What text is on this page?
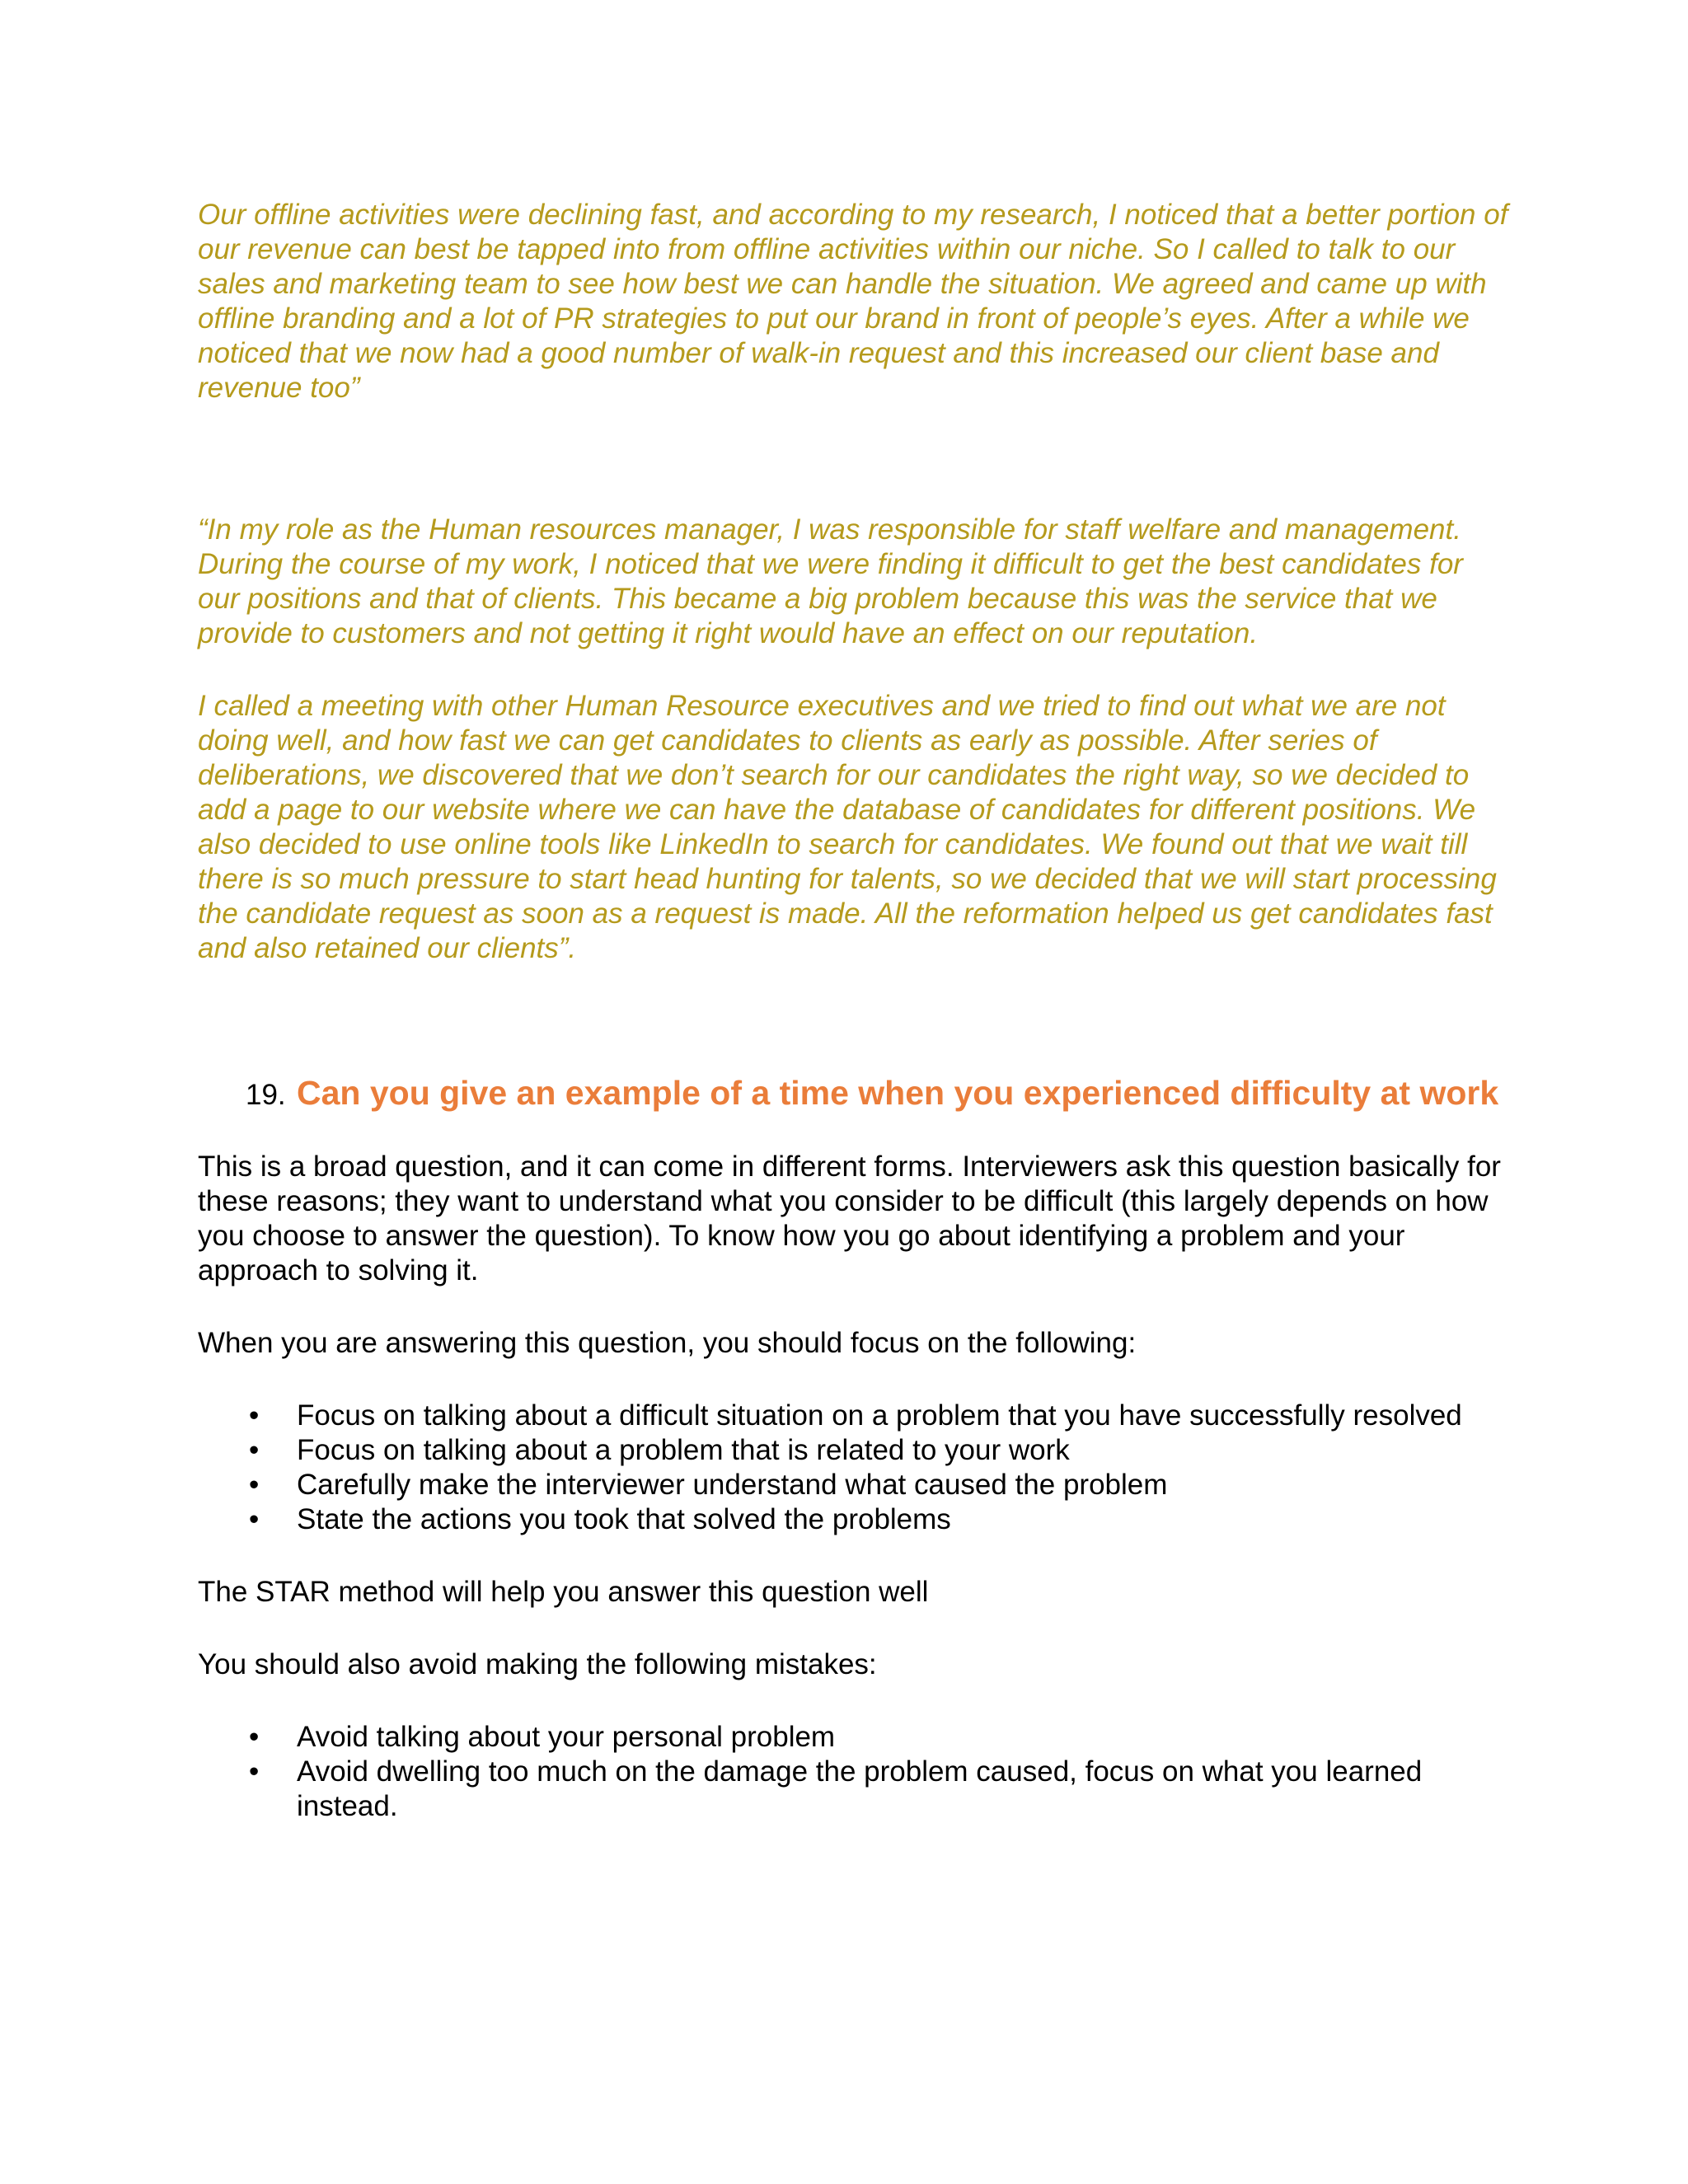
Our offline activities were declining fast, and according to my research, I noticed that a better portion of our revenue can best be tapped into from offline activities within our niche. So I called to talk to our sales and marketing team to see how best we can handle the situation. We agreed and came up with offline branding and a lot of PR strategies to put our brand in front of people’s eyes. After a while we noticed that we now had a good number of walk-in request and this increased our client base and revenue too”

“In my role as the Human resources manager, I was responsible for staff welfare and management. During the course of my work, I noticed that we were finding it difficult to get the best candidates for our positions and that of clients. This became a big problem because this was the service that we provide to customers and not getting it right would have an effect on our reputation.

I called a meeting with other Human Resource executives and we tried to find out what we are not doing well, and how fast we can get candidates to clients as early as possible. After series of deliberations, we discovered that we don’t search for our candidates the right way, so we decided to add a page to our website where we can have the database of candidates for different positions. We also decided to use online tools like LinkedIn to search for candidates. We found out that we wait till there is so much pressure to start head hunting for talents, so we decided that we will start processing the candidate request as soon as a request is made. All the reformation helped us get candidates fast and also retained our clients”.

19. Can you give an example of a time when you experienced difficulty at work

This is a broad question, and it can come in different forms. Interviewers ask this question basically for these reasons; they want to understand what you consider to be difficult (this largely depends on how you choose to answer the question). To know how you go about identifying a problem and your approach to solving it.

When you are answering this question, you should focus on the following:

• Focus on talking about a difficult situation on a problem that you have successfully resolved
• Focus on talking about a problem that is related to your work
• Carefully make the interviewer understand what caused the problem
• State the actions you took that solved the problems

The STAR method will help you answer this question well

You should also avoid making the following mistakes:

• Avoid talking about your personal problem
• Avoid dwelling too much on the damage the problem caused, focus on what you learned instead.
